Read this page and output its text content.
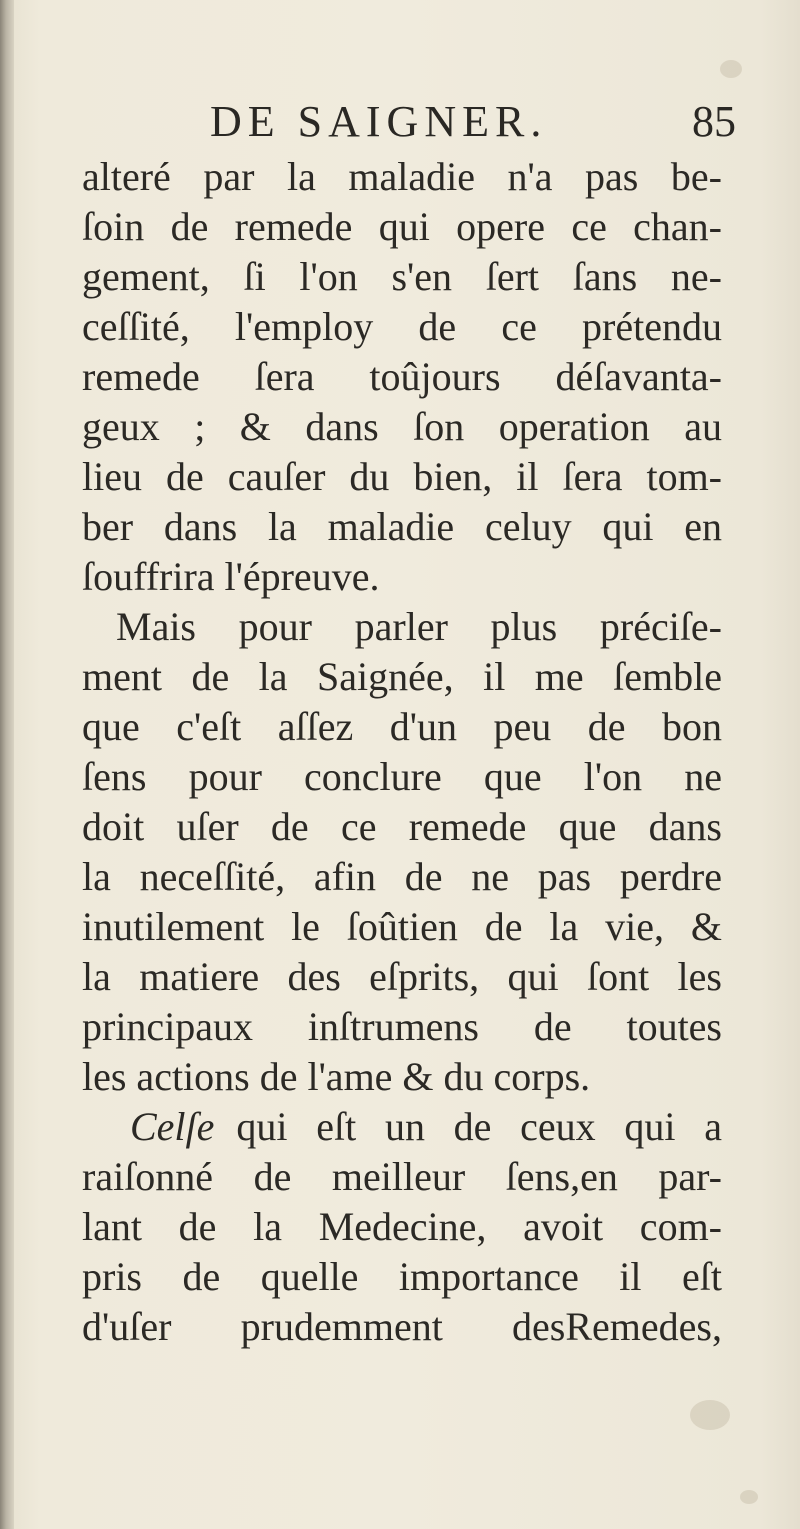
DE SAIGNER.	85
alteré par la maladie n'a pas be-
ſoin de remede qui opere ce chan-
gement, ſi l'on s'en ſert ſans ne-
ceſſité, l'employ de ce prétendu
remede ſera toûjours déſavanta-
geux ; & dans ſon operation au
lieu de cauſer du bien, il ſera tom-
ber dans la maladie celuy qui en
ſouffrira l'épreuve.
Mais pour parler plus préciſe-
ment de la Saignée, il me ſemble
que c'eſt aſſez d'un peu de bon
ſens pour conclure que l'on ne
doit uſer de ce remede que dans
la neceſſité, afin de ne pas perdre
inutilement le ſoûtien de la vie, &
la matiere des eſprits, qui ſont les
principaux inſtrumens de toutes
les actions de l'ame & du corps.
Celſe qui eſt un de ceux qui a
raiſonné de meilleur ſens,en par-
lant de la Medecine, avoit com-
pris de quelle importance il eſt
d'uſer prudemment desRemedes,
